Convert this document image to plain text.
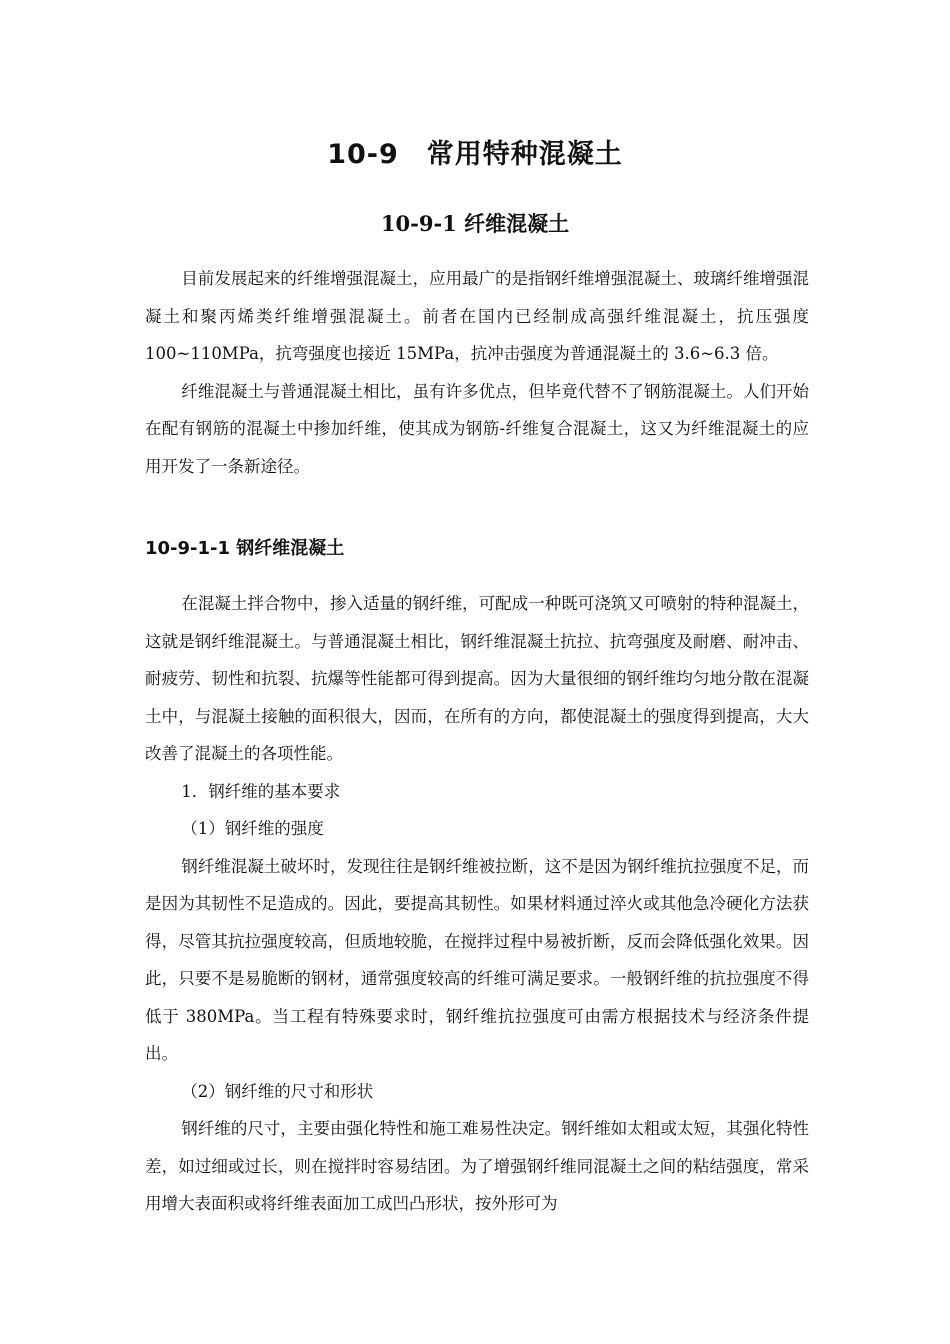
10-9　常用特种混凝土
10-9-1 纤维混凝土

目前发展起来的纤维增强混凝土，应用最广的是指钢纤维增强混凝土、玻璃纤维增强混凝土和聚丙烯类纤维增强混凝土。前者在国内已经制成高强纤维混凝土，抗压强度 100~110MPa，抗弯强度也接近 15MPa，抗冲击强度为普通混凝土的 3.6~6.3 倍。

纤维混凝土与普通混凝土相比，虽有许多优点，但毕竟代替不了钢筋混凝土。人们开始在配有钢筋的混凝土中掺加纤维，使其成为钢筋-纤维复合混凝土，这又为纤维混凝土的应用开发了一条新途径。

10-9-1-1 钢纤维混凝土

在混凝土拌合物中，掺入适量的钢纤维，可配成一种既可浇筑又可喷射的特种混凝土，这就是钢纤维混凝土。与普通混凝土相比，钢纤维混凝土抗拉、抗弯强度及耐磨、耐冲击、耐疲劳、韧性和抗裂、抗爆等性能都可得到提高。因为大量很细的钢纤维均匀地分散在混凝土中，与混凝土接触的面积很大，因而，在所有的方向，都使混凝土的强度得到提高，大大改善了混凝土的各项性能。

1．钢纤维的基本要求

（1）钢纤维的强度

钢纤维混凝土破坏时，发现往往是钢纤维被拉断，这不是因为钢纤维抗拉强度不足，而是因为其韧性不足造成的。因此，要提高其韧性。如果材料通过淬火或其他急冷硬化方法获得，尽管其抗拉强度较高，但质地较脆，在搅拌过程中易被折断，反而会降低强化效果。因此，只要不是易脆断的钢材，通常强度较高的纤维可满足要求。一般钢纤维的抗拉强度不得低于 380MPa。当工程有特殊要求时，钢纤维抗拉强度可由需方根据技术与经济条件提出。

（2）钢纤维的尺寸和形状

钢纤维的尺寸，主要由强化特性和施工难易性决定。钢纤维如太粗或太短，其强化特性差，如过细或过长，则在搅拌时容易结团。为了增强钢纤维同混凝土之间的粘结强度，常采用增大表面积或将纤维表面加工成凹凸形状，按外形可为
